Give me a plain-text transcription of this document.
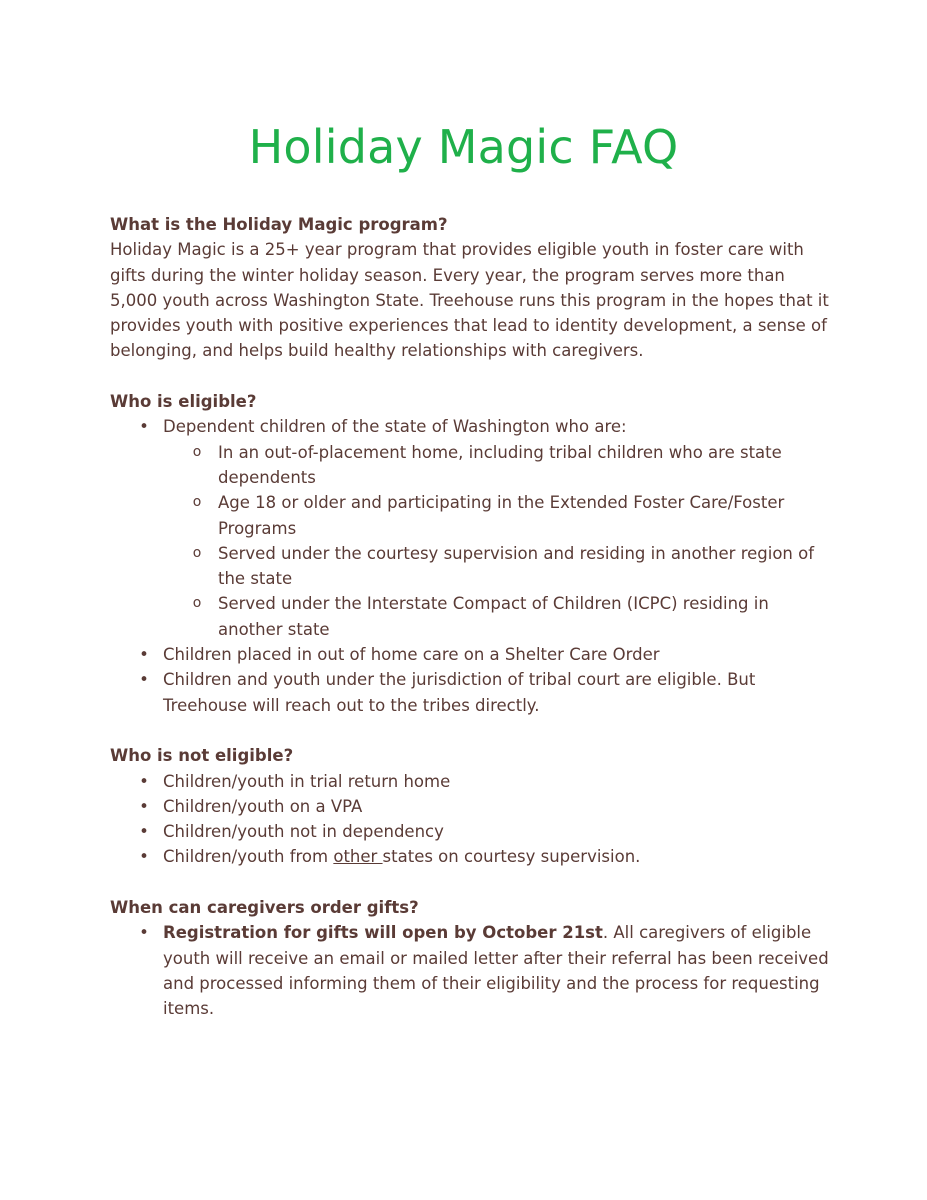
Holiday Magic FAQ

What is the Holiday Magic program?

Holiday Magic is a 25+ year program that provides eligible youth in foster care with gifts during the winter holiday season. Every year, the program serves more than 5,000 youth across Washington State. Treehouse runs this program in the hopes that it provides youth with positive experiences that lead to identity development, a sense of belonging, and helps build healthy relationships with caregivers.

Who is eligible?

• Dependent children of the state of Washington who are:
o In an out-of-placement home, including tribal children who are state dependents
o Age 18 or older and participating in the Extended Foster Care/Foster Programs
o Served under the courtesy supervision and residing in another region of the state
o Served under the Interstate Compact of Children (ICPC) residing in another state
• Children placed in out of home care on a Shelter Care Order
• Children and youth under the jurisdiction of tribal court are eligible. But Treehouse will reach out to the tribes directly.

Who is not eligible?

• Children/youth in trial return home
• Children/youth on a VPA
• Children/youth not in dependency
• Children/youth from other states on courtesy supervision.

When can caregivers order gifts?

• Registration for gifts will open by October 21st. All caregivers of eligible youth will receive an email or mailed letter after their referral has been received and processed informing them of their eligibility and the process for requesting items.
